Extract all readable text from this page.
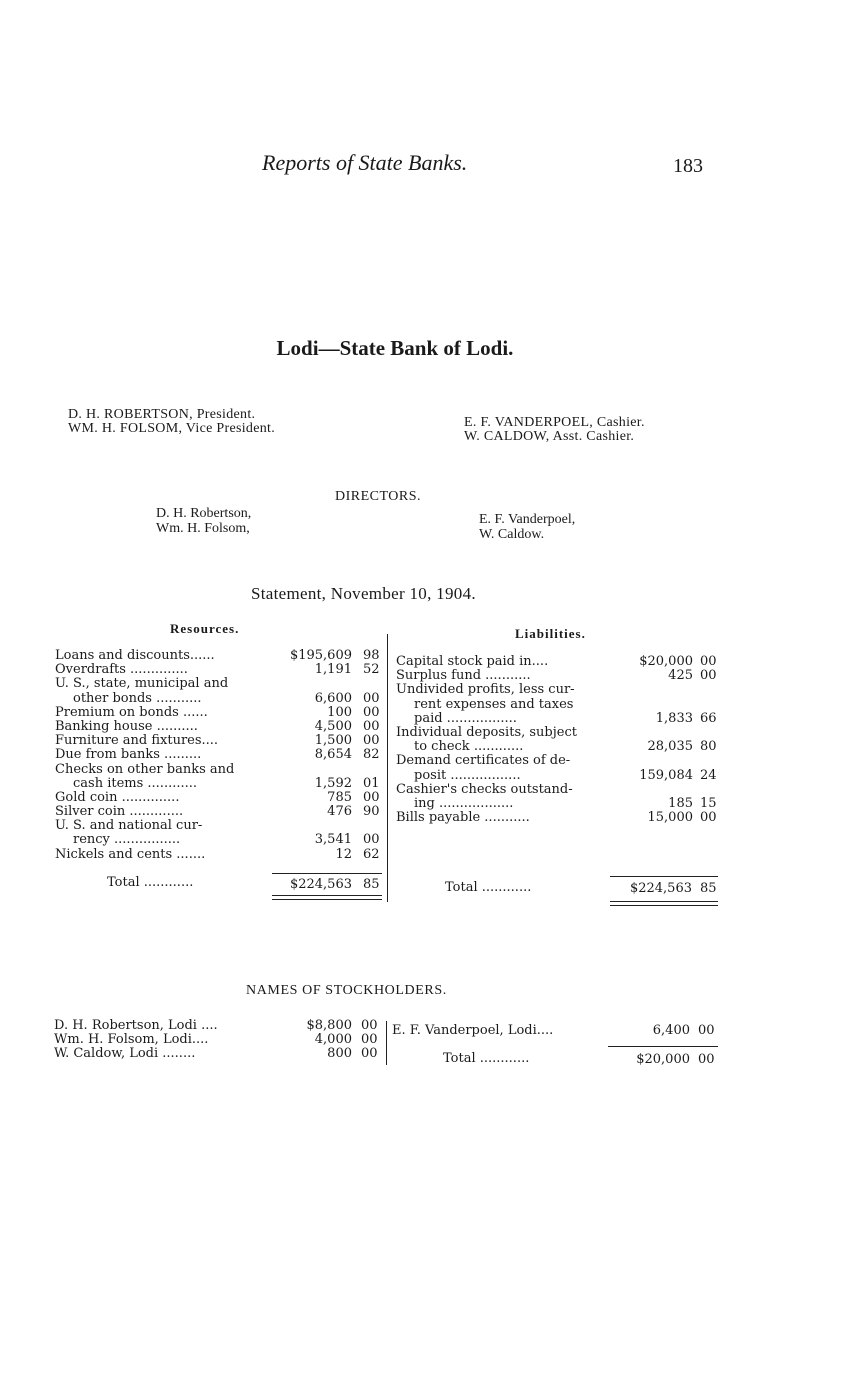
Reports of State Banks.	183
Lodi—State Bank of Lodi.
D. H. ROBERTSON, President.
WM. H. FOLSOM, Vice President.	E. F. VANDERPOEL, Cashier.
W. CALDOW, Asst. Cashier.
DIRECTORS.
D. H. Robertson,
Wm. H. Folsom,
E. F. Vanderpoel,
W. Caldow.
Statement, November 10, 1904.
Resources.
Loans and discounts......	$195,609 98
Overdrafts ..............	1,191 52
U. S., state, municipal and
other bonds ...........	6,600 00
Premium on bonds ......	100 00
Banking house ..........	4,500 00
Furniture and fixtures....	1,500 00
Due from banks .........	8,654 82
Checks on other banks and
cash items ............	1,592 01
Gold coin ..............	785 00
Silver coin .............	476 90
U. S. and national cur-
rency ................	3,541 00
Nickels and cents .......	12 62
Liabilities.
Capital stock paid in....	$20,000 00
Surplus fund ...........	425 00
Undivided profits, less cur-
rent expenses and taxes
paid .................	1,833 66
Individual deposits, subject
to check ............	28,035 80
Demand certificates of de-
posit .................	159,084 24
Cashier's checks outstand-
ing ..................	185 15
Bills payable ...........	15,000 00
Total ............	$224,563 85	Total ............	$224,563 85
NAMES OF STOCKHOLDERS.
D. H. Robertson, Lodi ....	$8,800 00
Wm. H. Folsom, Lodi....	4,000 00
W. Caldow, Lodi ........	800 00
E. F. Vanderpoel, Lodi....	6,400 00
Total ............	$20,000 00
